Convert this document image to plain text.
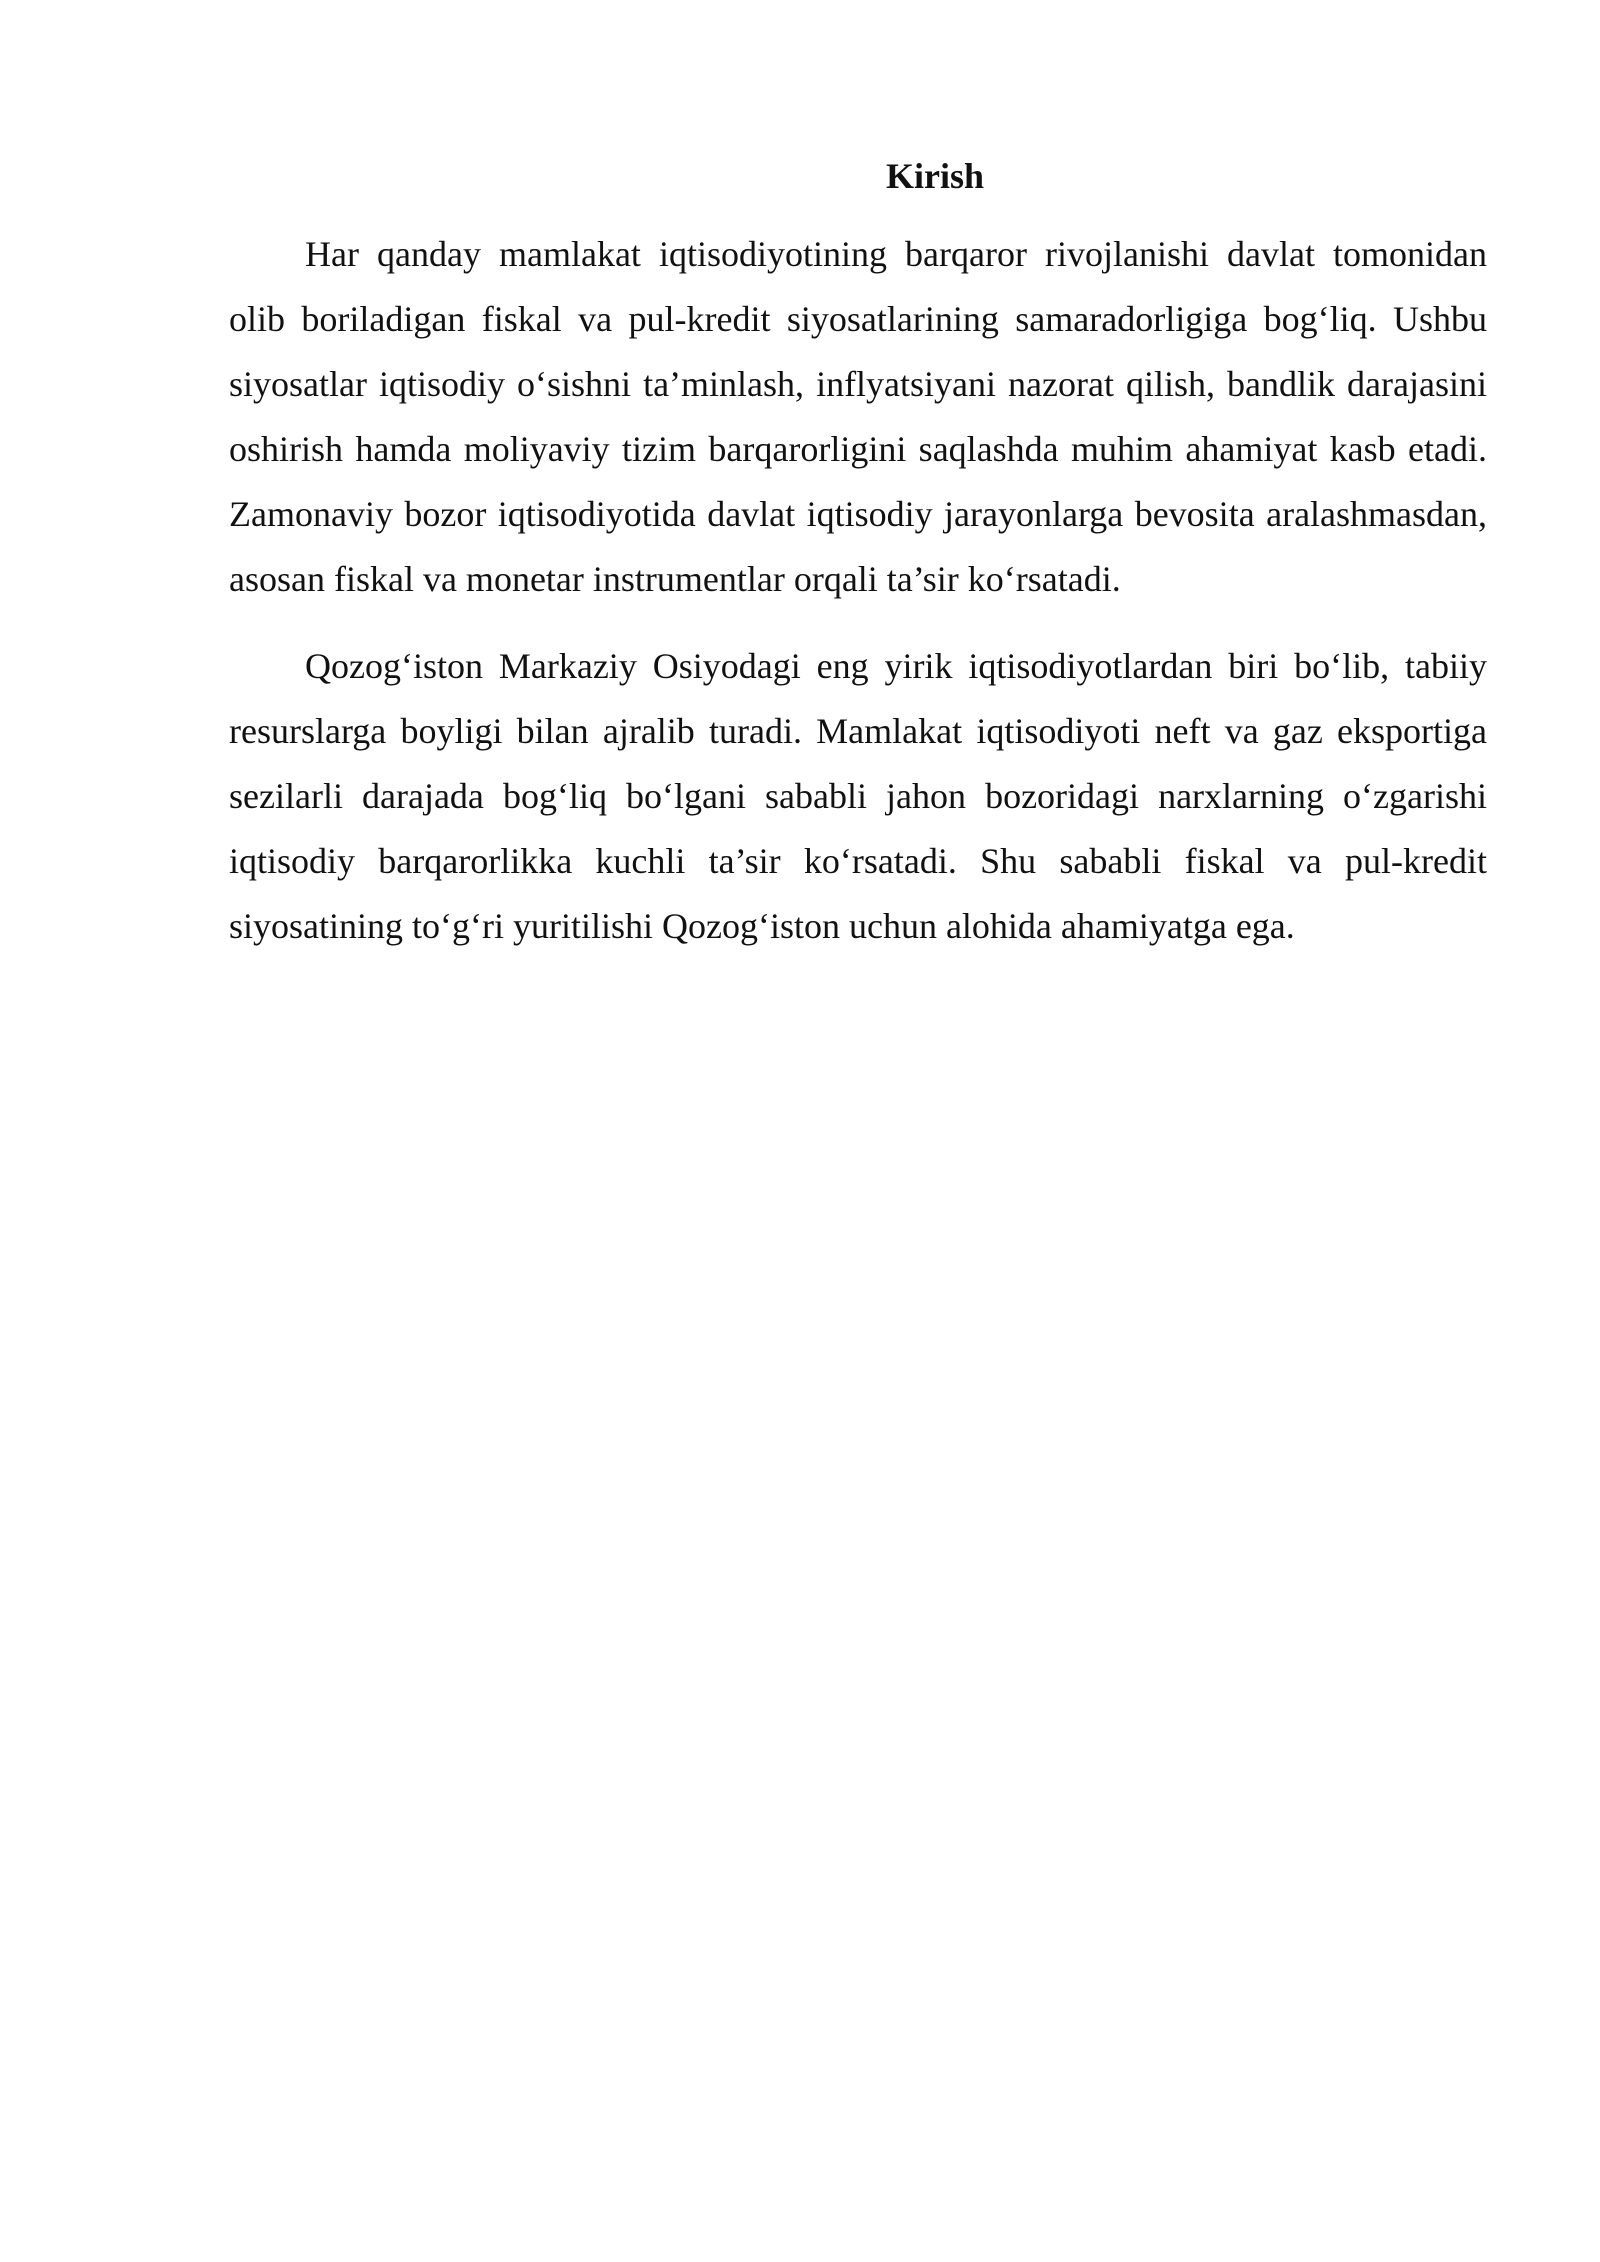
Kirish

Har qanday mamlakat iqtisodiyotining barqaror rivojlanishi davlat tomonidan olib boriladigan fiskal va pul-kredit siyosatlarining samaradorligiga bog‘liq. Ushbu siyosatlar iqtisodiy o‘sishni ta’minlash, inflyatsiyani nazorat qilish, bandlik darajasini oshirish hamda moliyaviy tizim barqarorligini saqlashda muhim ahamiyat kasb etadi. Zamonaviy bozor iqtisodiyotida davlat iqtisodiy jarayonlarga bevosita aralashmasdan, asosan fiskal va monetar instrumentlar orqali ta’sir ko‘rsatadi.

Qozog‘iston Markaziy Osiyodagi eng yirik iqtisodiyotlardan biri bo‘lib, tabiiy resurslarga boyligi bilan ajralib turadi. Mamlakat iqtisodiyoti neft va gaz eksportiga sezilarli darajada bog‘liq bo‘lgani sababli jahon bozoridagi narxlarning o‘zgarishi iqtisodiy barqarorlikka kuchli ta’sir ko‘rsatadi. Shu sababli fiskal va pul-kredit siyosatining to‘g‘ri yuritilishi Qozog‘iston uchun alohida ahamiyatga ega.
